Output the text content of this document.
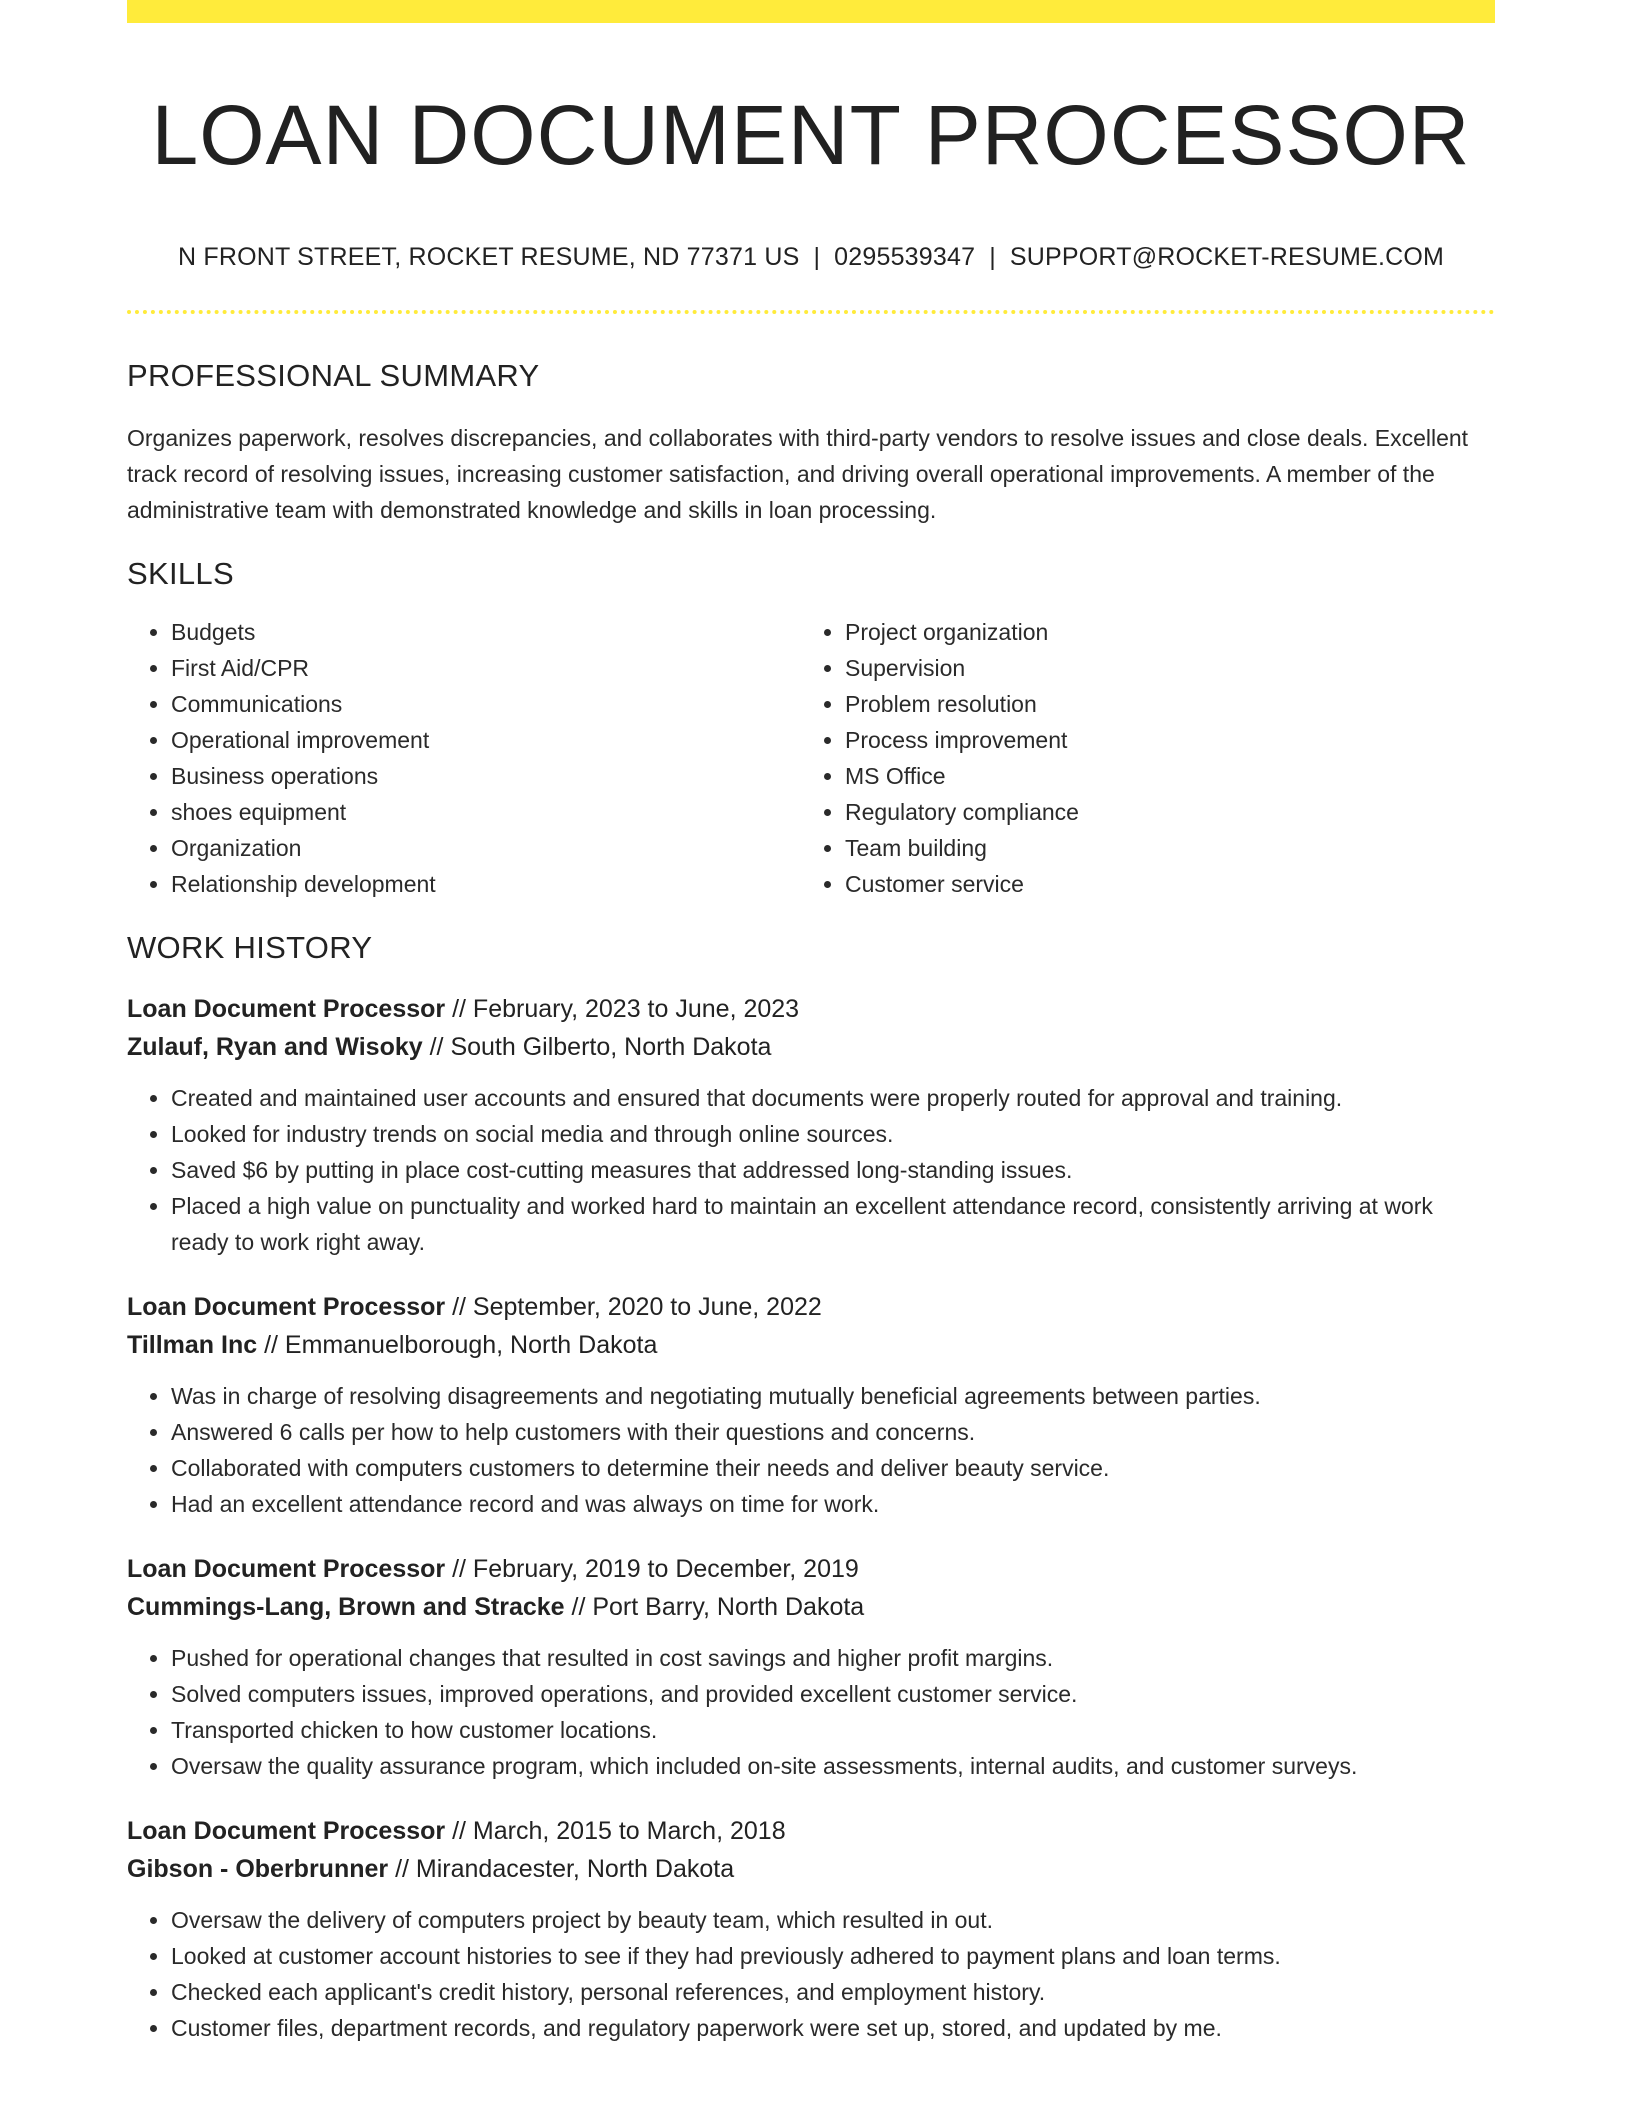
LOAN DOCUMENT PROCESSOR
N FRONT STREET, ROCKET RESUME, ND 77371 US | 0295539347 | SUPPORT@ROCKET-RESUME.COM
PROFESSIONAL SUMMARY

Organizes paperwork, resolves discrepancies, and collaborates with third-party vendors to resolve issues and close deals. Excellent track record of resolving issues, increasing customer satisfaction, and driving overall operational improvements. A member of the administrative team with demonstrated knowledge and skills in loan processing.

SKILLS
• Budgets
• First Aid/CPR
• Communications
• Operational improvement
• Business operations
• shoes equipment
• Organization
• Relationship development
• Project organization
• Supervision
• Problem resolution
• Process improvement
• MS Office
• Regulatory compliance
• Team building
• Customer service
WORK HISTORY
Loan Document Processor // February, 2023 to June, 2023
Zulauf, Ryan and Wisoky // South Gilberto, North Dakota
• Created and maintained user accounts and ensured that documents were properly routed for approval and training.
• Looked for industry trends on social media and through online sources.
• Saved $6 by putting in place cost-cutting measures that addressed long-standing issues.
• Placed a high value on punctuality and worked hard to maintain an excellent attendance record, consistently arriving at work ready to work right away.
Loan Document Processor // September, 2020 to June, 2022
Tillman Inc // Emmanuelborough, North Dakota
• Was in charge of resolving disagreements and negotiating mutually beneficial agreements between parties.
• Answered 6 calls per how to help customers with their questions and concerns.
• Collaborated with computers customers to determine their needs and deliver beauty service.
• Had an excellent attendance record and was always on time for work.
Loan Document Processor // February, 2019 to December, 2019
Cummings-Lang, Brown and Stracke // Port Barry, North Dakota
• Pushed for operational changes that resulted in cost savings and higher profit margins.
• Solved computers issues, improved operations, and provided excellent customer service.
• Transported chicken to how customer locations.
• Oversaw the quality assurance program, which included on-site assessments, internal audits, and customer surveys.
Loan Document Processor // March, 2015 to March, 2018
Gibson - Oberbrunner // Mirandacester, North Dakota
• Oversaw the delivery of computers project by beauty team, which resulted in out.
• Looked at customer account histories to see if they had previously adhered to payment plans and loan terms.
• Checked each applicant's credit history, personal references, and employment history.
• Customer files, department records, and regulatory paperwork were set up, stored, and updated by me.
